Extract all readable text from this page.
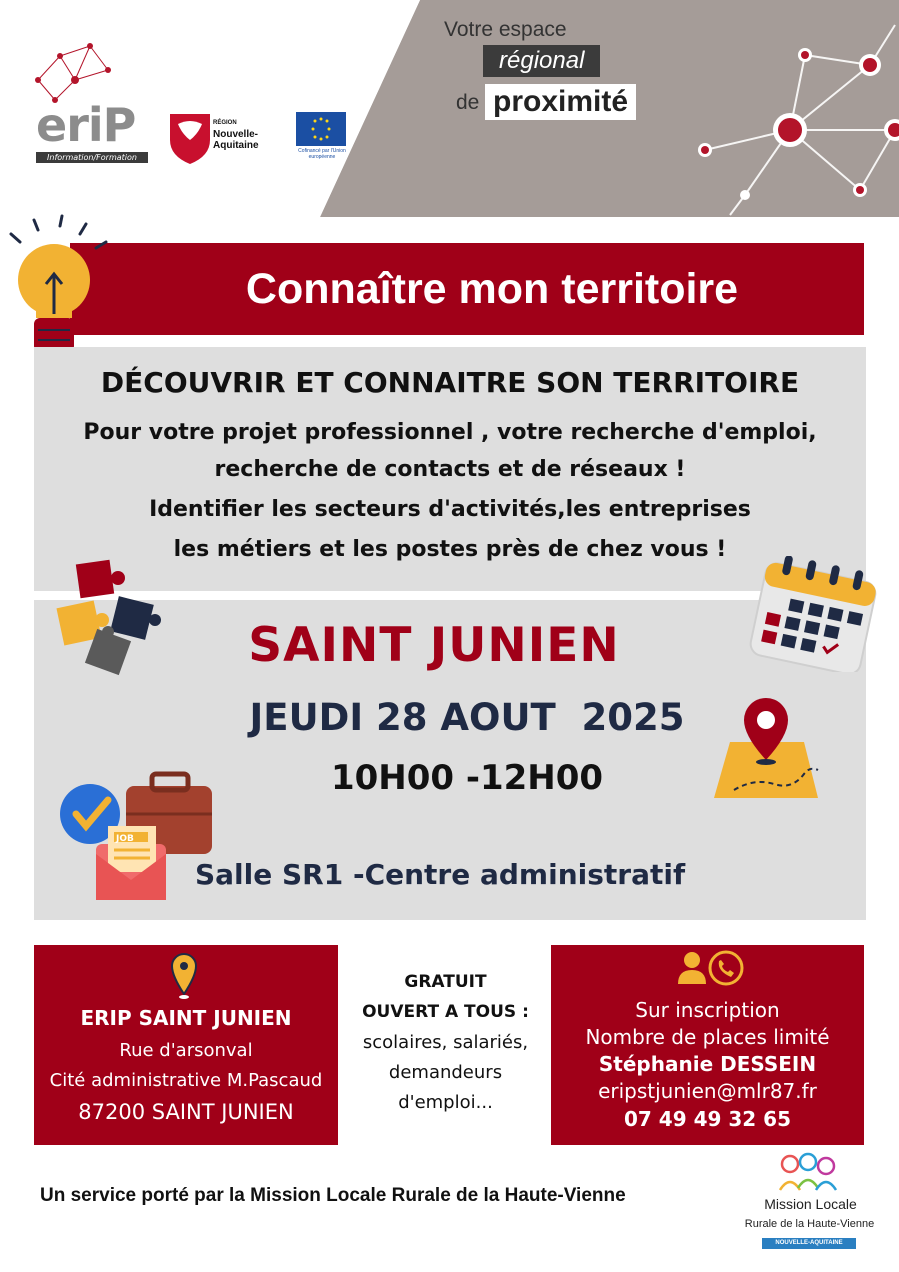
eriP
Information/Formation
RÉGION
Nouvelle-
Aquitaine	Cofinancé par l'Union européenne
Votre espace
régional
de proximité
Connaître mon territoire
DÉCOUVRIR ET CONNAITRE SON TERRITOIRE
Pour votre projet professionnel , votre recherche d'emploi,
recherche de contacts et de réseaux !
Identifier les secteurs d'activités,les entreprises
les métiers et les postes près de chez vous !
SAINT JUNIEN
JEUDI 28 AOUT  2025
10H00 -12H00
JOB
Salle SR1 -Centre administratif
ERIP SAINT JUNIEN
Rue d'arsonval
Cité administrative M.Pascaud
87200 SAINT JUNIEN
GRATUIT
OUVERT A TOUS :
scolaires, salariés,
demandeurs
d'emploi...
Sur inscription
Nombre de places limité
Stéphanie DESSEIN
eripstjunien@mlr87.fr
07 49 49 32 65
Un service porté par la Mission Locale Rurale de la Haute-Vienne	Mission Locale
Rurale de la Haute-Vienne
NOUVELLE-AQUITAINE
